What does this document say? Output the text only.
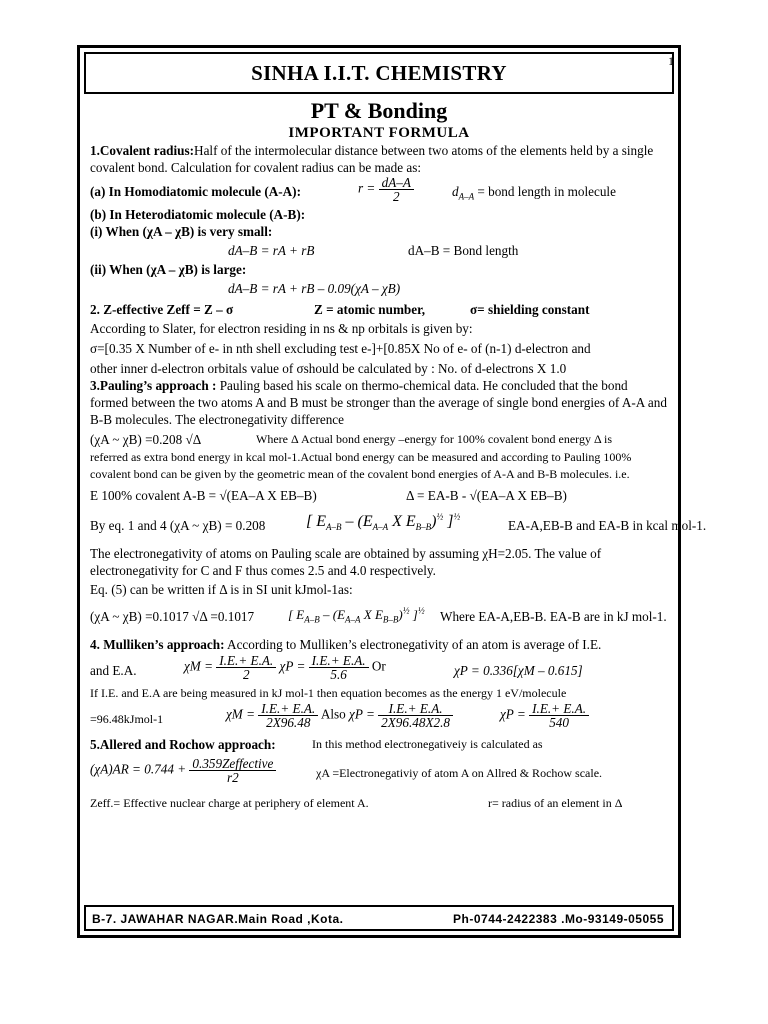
SINHA I.I.T. CHEMISTRY
PT & Bonding
IMPORTANT FORMULA

1.Covalent radius:Half of the intermolecular distance between two atoms of the elements held by a single covalent bond. Calculation for covalent radius can be made as:

(a) In Homodiatomic molecule (A-A):	$r = \frac{dA-A}{2}$	$d_{A-A}$ = bond length in molecule
(b) In Heterodiatomic molecule (A-B):
(i) When (χA – χB) is very small:
dA–B = rA + rB	dA–B = Bond length
(ii) When (χA – χB) is large:
dA–B = rA + rB – 0.09(χA – χB)
2. Z-effective Zeff = Z – σ	Z = atomic number,	σ= shielding constant
According to Slater, for electron residing in ns & np orbitals is given by:
σ=[0.35 X Number of e- in nth shell excluding test e-]+[0.85X No of e- of (n-1) d-electron and
other inner d-electron orbitals value of σshould be calculated by : No. of d-electrons X 1.0

3.Pauling’s approach : Pauling based his scale on thermo-chemical data. He concluded that the bond formed between the two atoms A and B must be stronger than the average of single bond energies of A-A and B-B molecules. The electronegativity difference

(χA ~ χB) =0.208 √Δ	Where Δ Actual bond energy –energy for 100% covalent bond energy Δ is

referred as extra bond energy in kcal mol-1.Actual bond energy can be measured and according to Pauling 100% covalent bond can be given by the geometric mean of the covalent bond energies of A-A and B-B molecules. i.e.

E 100% covalent A-B = √(EA–A X EB–B)	Δ = EA-B - √(EA–A X EB–B)
By eq. 1 and 4 (χA ~ χB) = 0.208	[ $E_{A-B} - (E_{A-A}$ X $E_{B-B})^{\frac{1}{2}}$ ]$^{\frac{1}{2}}$
EA-A,EB-B and EA-B in kcal mol-1.

The electronegativity of atoms on Pauling scale are obtained by assuming χH=2.05. The value of electronegativity for C and F thus comes 2.5 and 4.0 respectively.

Eq. (5) can be written if Δ is in SI unit kJmol-1as:

(χA ~ χB) =0.1017 √Δ =0.1017	[ $E_{A-B} - (E_{A-A}$ X $E_{B-B})^{\frac{1}{2}}$ ]$^{\frac{1}{2}}$ Where EA-A,EB-B. EA-B are in kJ mol-1.

4. Mulliken’s approach: According to Mulliken’s electronegativity of an atom is average of I.E.

and E.A.	$\chi M = \frac{I.E.+ E.A.}{2}$ $\chi P = \frac{I.E.+ E.A.}{5.6}$ Or	χP = 0.336[χM – 0.615]

If I.E. and E.A are being measured in kJ mol-1 then equation becomes as the energy 1 eV/molecule

=96.48kJmol-1	$\chi M = \frac{I.E.+ E.A.}{2X96.48}$ Also $\chi P = \frac{I.E.+ E.A.}{2X96.48X2.8}$	$\chi P = \frac{I.E.+ E.A.}{540}$
5.Allered and Rochow approach:	In this method electronegativeiy is calculated as
$(\chi A)AR = 0.744 + \frac{\text{0.359Zeffective}}{r2}$	χA =Electronegativiy of atom A on Allred & Rochow scale.
Zeff.= Effective nuclear charge at periphery of element A.	r= radius of an element in Δ
B-7. JAWAHAR NAGAR.Main Road ,Kota.	Ph-0744-2422383 .Mo-93149-05055
1
